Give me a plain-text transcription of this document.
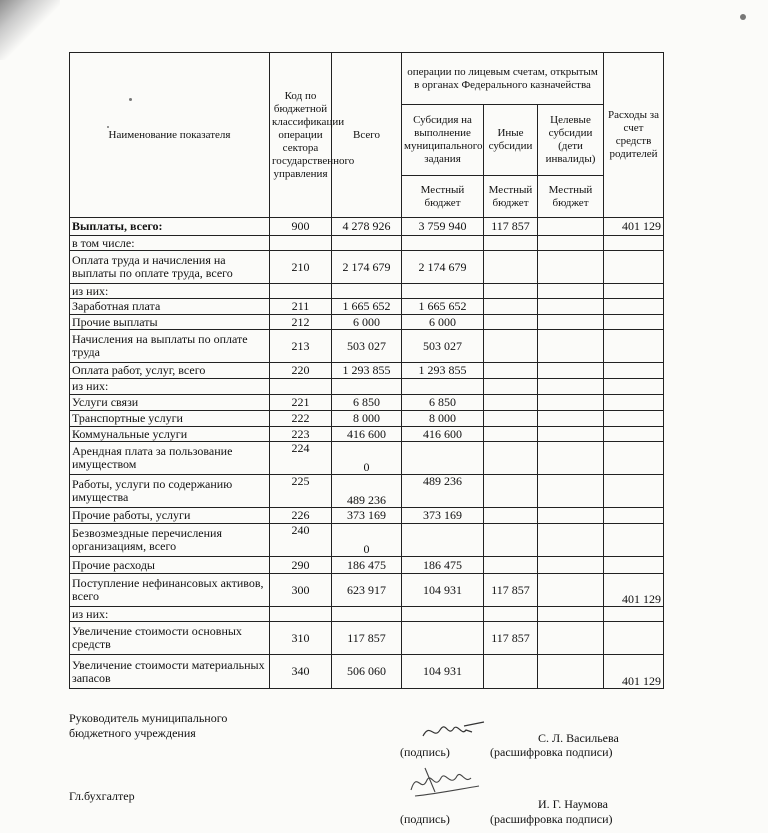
Наименование показателя	Код по бюджетной классификации операции сектора государственного управления	Всего	операции по лицевым счетам, открытым в органах Федерального казначейства			Расходы за счет средств родителей
			Субсидия на выполнение муниципального задания	Иные субсидии	Целевые субсидии (дети инвалиды)	
			Местный бюджет	Местный бюджет	Местный бюджет	
Выплаты, всего:	900	4 278 926	3 759 940	117 857		401 129
в том числе:						
Оплата труда и начисления на выплаты по оплате труда, всего	210	2 174 679	2 174 679			
из них:						
Заработная плата	211	1 665 652	1 665 652			
Прочие выплаты	212	6 000	6 000			
Начисления на выплаты по оплате труда	213	503 027	503 027			
Оплата работ, услуг, всего	220	1 293 855	1 293 855			
из них:						
Услуги связи	221	6 850	6 850			
Транспортные услуги	222	8 000	8 000			
Коммунальные услуги	223	416 600	416 600			
Арендная плата за пользование имуществом	224	0				
Работы, услуги по содержанию имущества	225	489 236	489 236			
Прочие работы, услуги	226	373 169	373 169			
Безвозмездные перечисления организациям, всего	240	0				
Прочие расходы	290	186 475	186 475			
Поступление нефинансовых активов, всего	300	623 917	104 931	117 857		401 129
из них:						
Увеличение стоимости основных средств	310	117 857		117 857		
Увеличение стоимости материальных запасов	340	506 060	104 931			401 129
Руководитель муниципального бюджетного учреждения	С. Л. Васильева
(подпись)	(расшифровка подписи)
Гл.бухгалтер
И. Г. Наумова
(подпись)	(расшифровка подписи)
